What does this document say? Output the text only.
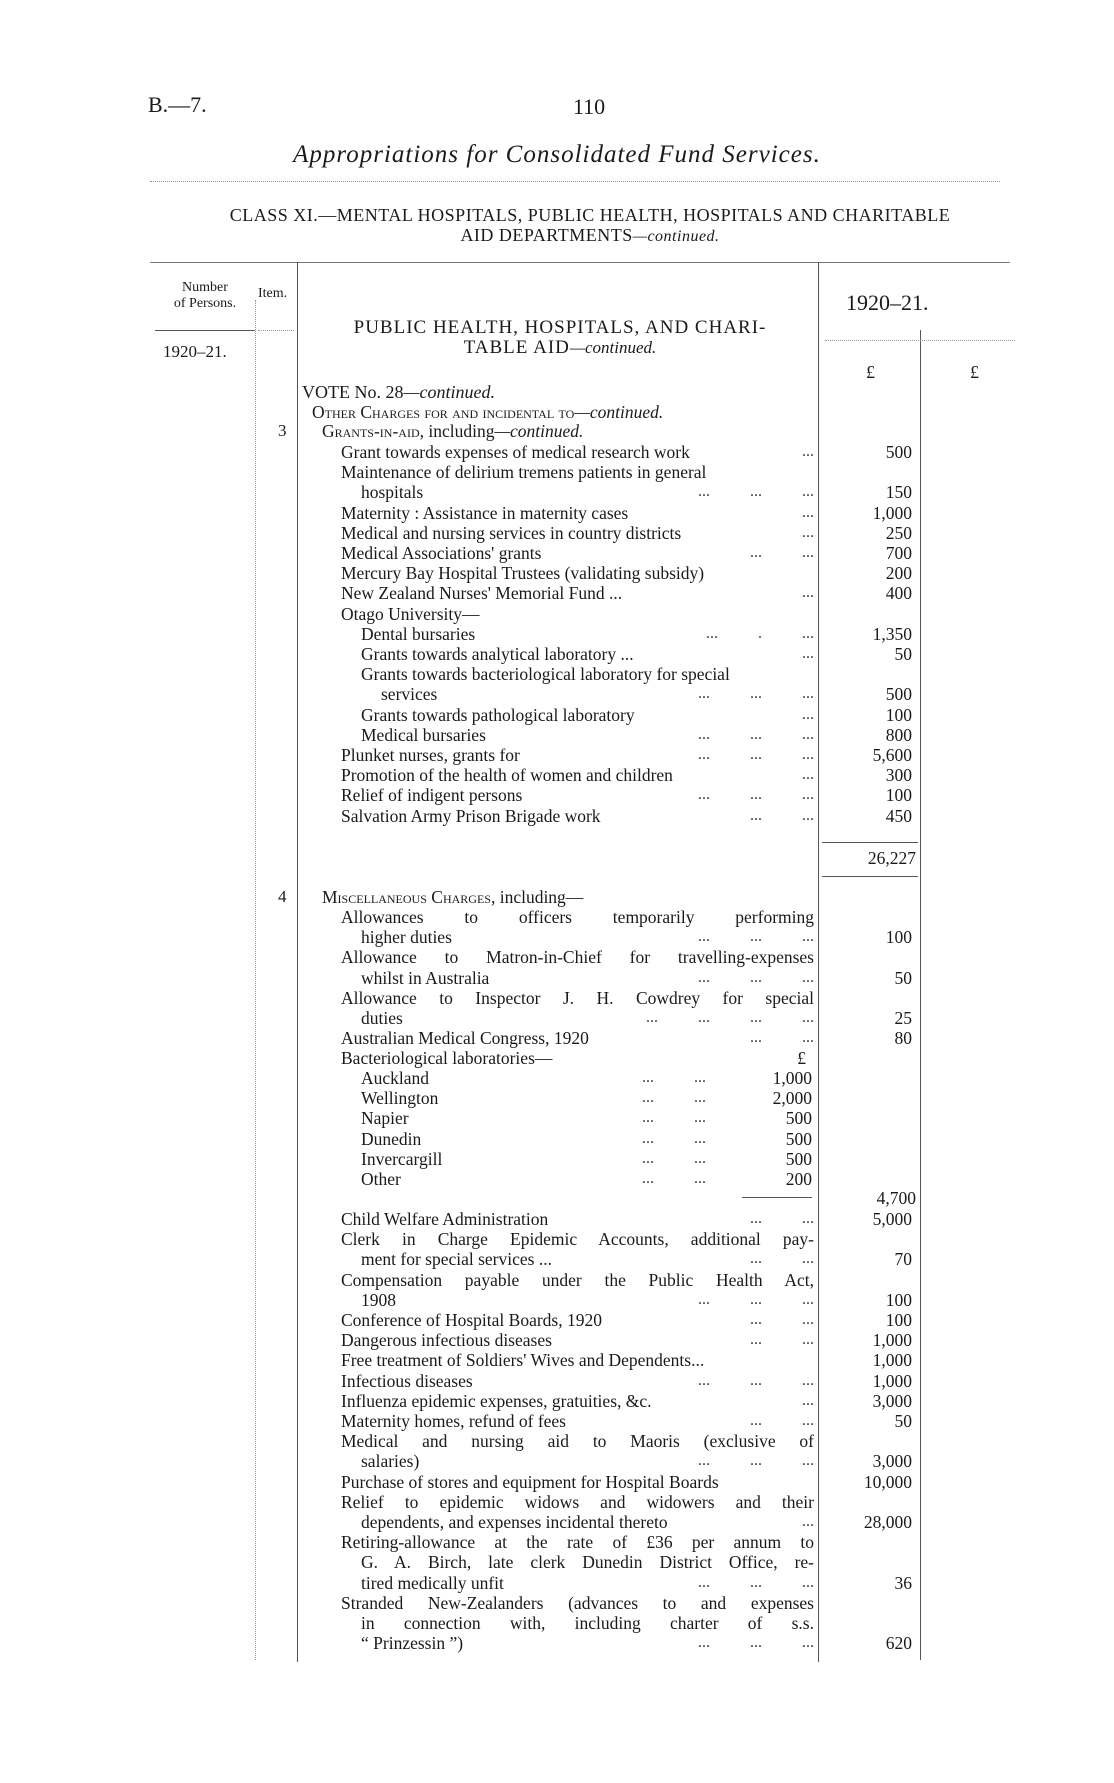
B.—7.	110
Appropriations for Consolidated Fund Services.
CLASS XI.—MENTAL HOSPITALS, PUBLIC HEALTH, HOSPITALS AND CHARITABLE
AID DEPARTMENTS—continued.
Number
of Persons.
Item.	1920–21.
1920–21.
£	£
PUBLIC HEALTH, HOSPITALS, AND CHARI-
TABLE AID—continued.
VOTE No. 28—continued.
Other Charges for and incidental to—continued.
3 Grants-in-aid, including—continued.
Grant towards expenses of medical research work	...	500
Maintenance of delirium tremens patients in general
hospitals	...          ...          ...	150
Maternity : Assistance in maternity cases	...	1,000
Medical and nursing services in country districts	...	250
Medical Associations' grants	...          ...	700
Mercury Bay Hospital Trustees (validating subsidy)	200
New Zealand Nurses' Memorial Fund ...	...	400
Otago University—
Dental bursaries	...          .          ...	1,350
Grants towards analytical laboratory ...	...	50
Grants towards bacteriological laboratory for special
services	...          ...          ...	500
Grants towards pathological laboratory	...	100
Medical bursaries	...          ...          ...	800
Plunket nurses, grants for	...          ...          ...	5,600
Promotion of the health of women and children	...	300
Relief of indigent persons	...          ...          ...	100
Salvation Army Prison Brigade work	...          ...	450
26,227
4 Miscellaneous Charges, including—
Allowances to officers temporarily performing
higher duties	...          ...          ...	100
Allowance to Matron-in-Chief for travelling-expenses
whilst in Australia	...          ...          ...	50
Allowance to Inspector J. H. Cowdrey for special
duties	...          ...          ...          ...	25
Australian Medical Congress, 1920	...          ...	80
Bacteriological laboratories—	£
Auckland	...          ...	1,000
Wellington	...          ...	2,000
Napier	...          ...	500
Dunedin	...          ...	500
Invercargill	...          ...	500
Other	...          ...	200
4,700
Child Welfare Administration	...          ...	5,000
Clerk in Charge Epidemic Accounts, additional pay-
ment for special services ...	...          ...	70
Compensation payable under the Public Health Act,
1908	...          ...          ...	100
Conference of Hospital Boards, 1920	...          ...	100
Dangerous infectious diseases	...          ...	1,000
Free treatment of Soldiers' Wives and Dependents...	1,000
Infectious diseases	...          ...          ...	1,000
Influenza epidemic expenses, gratuities, &c.	...	3,000
Maternity homes, refund of fees	...          ...	50
Medical and nursing aid to Maoris (exclusive of
salaries)	...          ...          ...	3,000
Purchase of stores and equipment for Hospital Boards	10,000
Relief to epidemic widows and widowers and their
dependents, and expenses incidental thereto	...	28,000
Retiring-allowance at the rate of £36 per annum to
G. A. Birch, late clerk Dunedin District Office, re-
tired medically unfit	...          ...          ...	36
Stranded New-Zealanders (advances to and expenses
in connection with, including charter of s.s.
“ Prinzessin ”)	...          ...          ...	620
